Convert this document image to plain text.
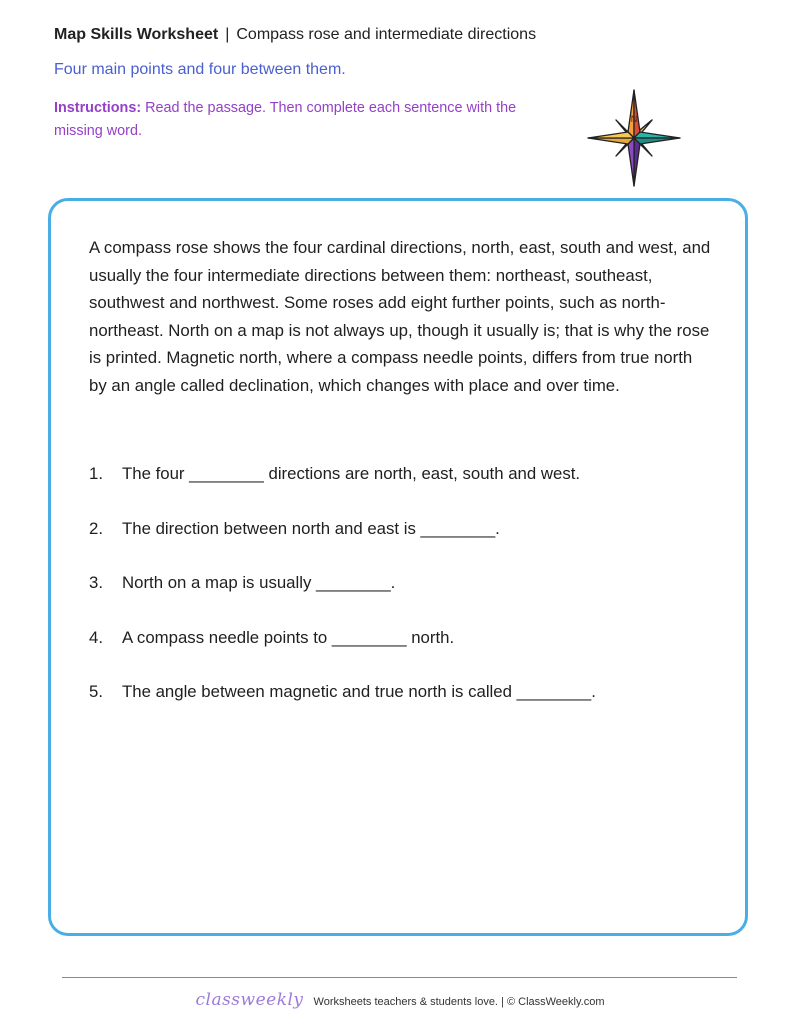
Map Skills Worksheet | Compass rose and intermediate directions
Four main points and four between them.
Instructions: Read the passage. Then complete each sentence with the missing word.
N

A compass rose shows the four cardinal directions, north, east, south and west, and usually the four intermediate directions between them: northeast, southeast, southwest and northwest. Some roses add eight further points, such as north-northeast. North on a map is not always up, though it usually is; that is why the rose is printed. Magnetic north, where a compass needle points, differs from true north by an angle called declination, which changes with place and over time.

1. The four ________ directions are north, east, south and west.
2. The direction between north and east is ________.
3. North on a map is usually ________.
4. A compass needle points to ________ north.
5. The angle between magnetic and true north is called ________.
classweekly Worksheets teachers & students love. | © ClassWeekly.com
